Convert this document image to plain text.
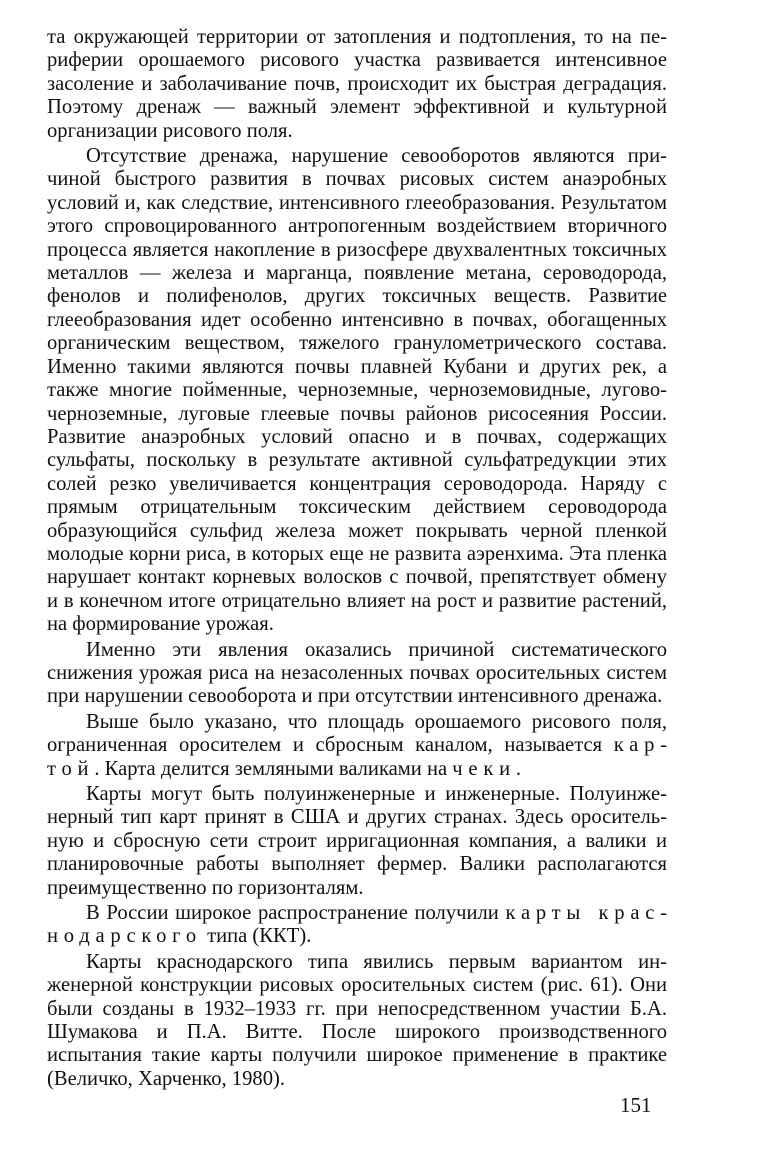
та окружающей территории от затопления и подтопления, то на периферии орошаемого рисового участка развивается интенсивное засоление и заболачивание почв, происходит их быстрая деградация. Поэтому дренаж — важный элемент эффективной и культурной организации рисового поля.

Отсутствие дренажа, нарушение севооборотов являются причиной быстрого развития в почвах рисовых систем анаэробных условий и, как следствие, интенсивного глееобразования. Результатом этого спровоцированного антропогенным воздействием вторичного процесса является накопление в ризосфере двухвалентных токсичных металлов — железа и марганца, появление метана, сероводорода, фенолов и полифенолов, других токсичных веществ. Развитие глееобразования идет особенно интенсивно в почвах, обогащенных органическим веществом, тяжелого гранулометрического состава. Именно такими являются почвы плавней Кубани и других рек, а также многие пойменные, черноземные, черноземовидные, лугово-черноземные, луговые глеевые почвы районов рисосеяния России. Развитие анаэробных условий опасно и в почвах, содержащих сульфаты, поскольку в результате активной сульфатредукции этих солей резко увеличивается концентрация сероводорода. Наряду с прямым отрицательным токсическим действием сероводорода образующийся сульфид железа может покрывать черной пленкой молодые корни риса, в которых еще не развита аэренхима. Эта пленка нарушает контакт корневых волосков с почвой, препятствует обмену и в конечном итоге отрицательно влияет на рост и развитие растений, на формирование урожая.

Именно эти явления оказались причиной систематического снижения урожая риса на незасоленных почвах оросительных систем при нарушении севооборота и при отсутствии интенсивного дренажа.

Выше было указано, что площадь орошаемого рисового поля, ограниченная оросителем и сбросным каналом, называется картой. Карта делится земляными валиками на чеки.

Карты могут быть полуинженерные и инженерные. Полуинженерный тип карт принят в США и других странах. Здесь оросительную и сбросную сети строит ирригационная компания, а валики и планировочные работы выполняет фермер. Валики располагаются преимущественно по горизонталям.

В России широкое распространение получили карты краснодарского типа (ККТ).

Карты краснодарского типа явились первым вариантом инженерной конструкции рисовых оросительных систем (рис. 61). Они были созданы в 1932–1933 гг. при непосредственном участии Б.А. Шумакова и П.А. Витте. После широкого производственного испытания такие карты получили широкое применение в практике (Величко, Харченко, 1980).

151
